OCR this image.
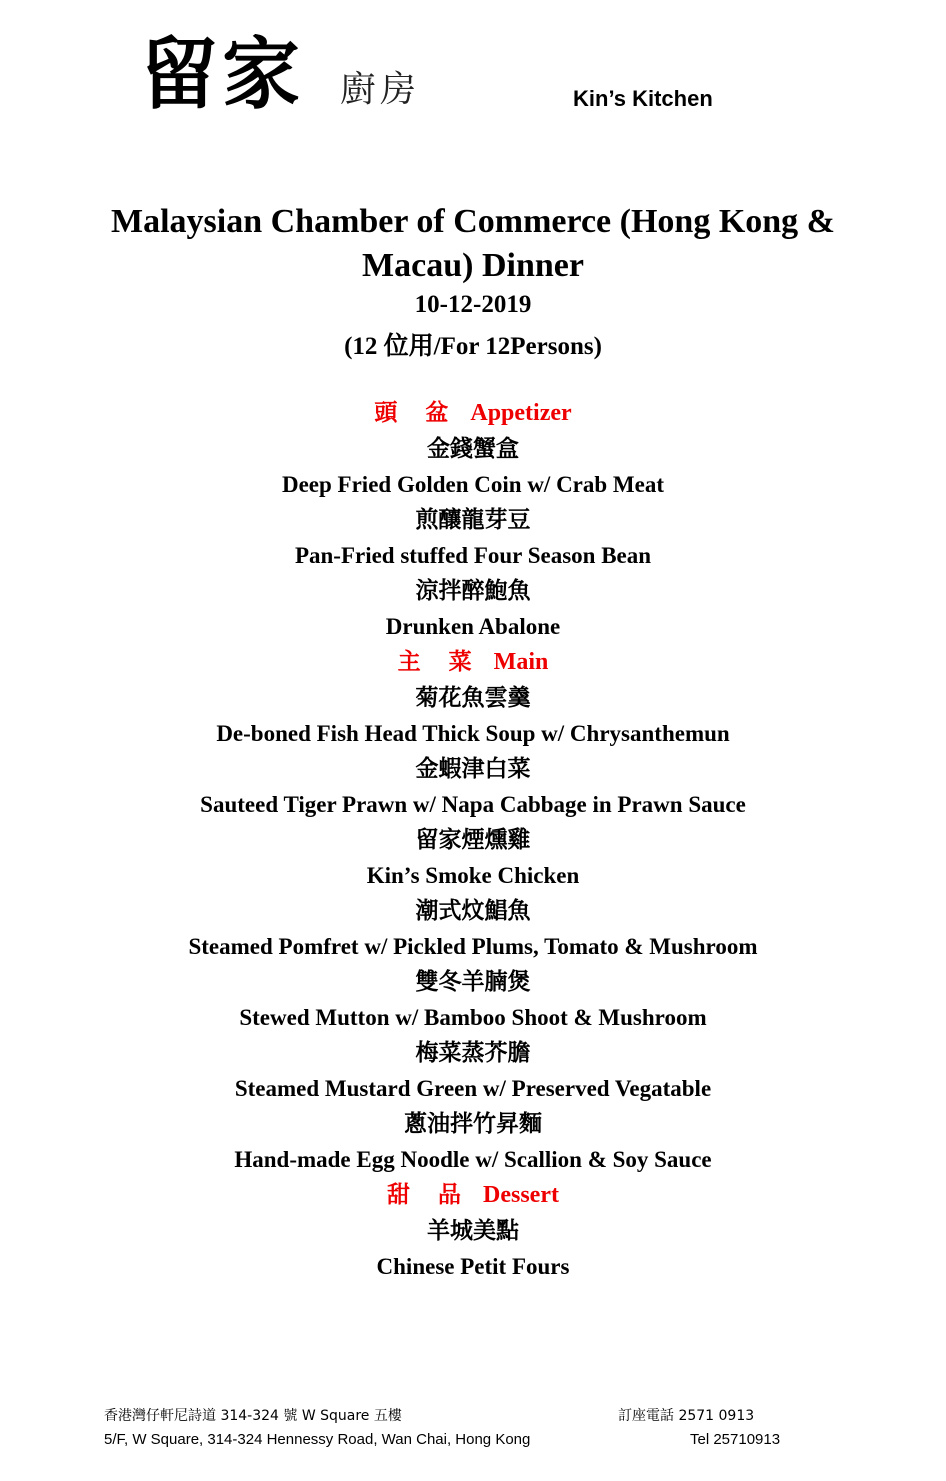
留家 廚房	Kin’s Kitchen
Malaysian Chamber of Commerce (Hong Kong & Macau) Dinner
10-12-2019
(12 位用/For 12Persons)
頭 盆 Appetizer
金錢蟹盒
Deep Fried Golden Coin w/ Crab Meat
煎釀龍芽豆
Pan-Fried stuffed Four Season Bean
涼拌醉鮑魚
Drunken Abalone
主 菜 Main
菊花魚雲羹
De-boned Fish Head Thick Soup w/ Chrysanthemun
金蝦津白菜
Sauteed Tiger Prawn w/ Napa Cabbage in Prawn Sauce
留家煙燻雞
Kin’s Smoke Chicken
潮式炆鯧魚
Steamed Pomfret w/ Pickled Plums, Tomato & Mushroom
雙冬羊腩煲
Stewed Mutton w/ Bamboo Shoot & Mushroom
梅菜蒸芥膽
Steamed Mustard Green w/ Preserved Vegatable
蔥油拌竹昇麵
Hand-made Egg Noodle w/ Scallion & Soy Sauce
甜 品 Dessert
羊城美點
Chinese Petit Fours
香港灣仔軒尼詩道 314-324 號 W Square 五樓
5/F, W Square, 314-324 Hennessy Road, Wan Chai, Hong Kong
訂座電話 2571 0913
Tel 25710913
